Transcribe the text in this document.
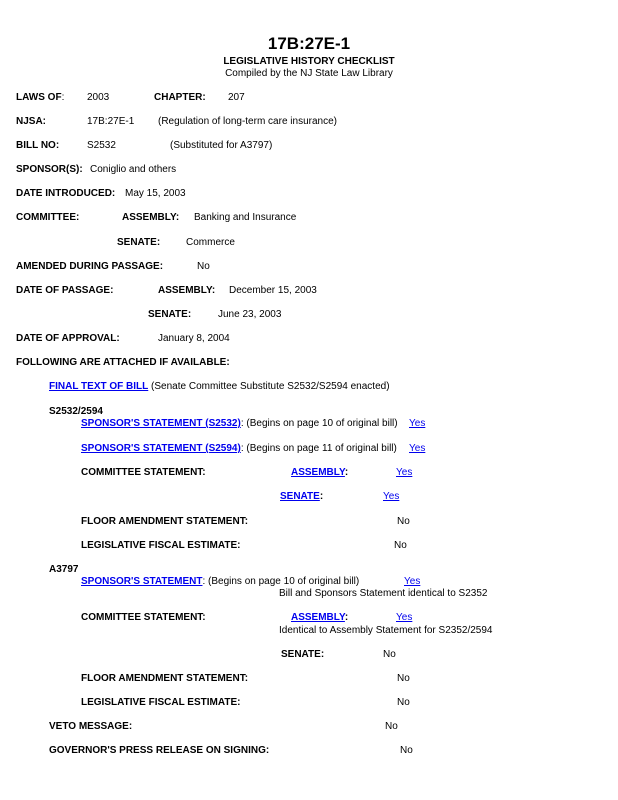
17B:27E-1
LEGISLATIVE HISTORY CHECKLIST
Compiled by the NJ State Law Library
LAWS OF: 2003	CHAPTER: 207
NJSA:	17B:27E-1 (Regulation of long-term care insurance)
BILL NO:	S2532	(Substituted for A3797)
SPONSOR(S): Coniglio and others
DATE INTRODUCED: May 15, 2003
COMMITTEE:	ASSEMBLY: Banking and Insurance
SENATE:	Commerce
AMENDED DURING PASSAGE:	No
DATE OF PASSAGE:	ASSEMBLY: December 15, 2003
SENATE:	June 23, 2003
DATE OF APPROVAL:	January 8, 2004
FOLLOWING ARE ATTACHED IF AVAILABLE:
FINAL TEXT OF BILL (Senate Committee Substitute S2532/S2594 enacted)
S2532/2594
SPONSOR'S STATEMENT (S2532): (Begins on page 10 of original bill) Yes
SPONSOR'S STATEMENT (S2594): (Begins on page 11 of original bill) Yes
COMMITTEE STATEMENT:	ASSEMBLY:	Yes
SENATE:	Yes
FLOOR AMENDMENT STATEMENT:	No
LEGISLATIVE FISCAL ESTIMATE:	No
A3797
SPONSOR'S STATEMENT: (Begins on page 10 of original bill)	Yes
Bill and Sponsors Statement identical to S2352
COMMITTEE STATEMENT:	ASSEMBLY:	Yes
Identical to Assembly Statement for S2352/2594
SENATE:	No
FLOOR AMENDMENT STATEMENT:	No
LEGISLATIVE FISCAL ESTIMATE:	No
VETO MESSAGE:	No
GOVERNOR'S PRESS RELEASE ON SIGNING:	No
